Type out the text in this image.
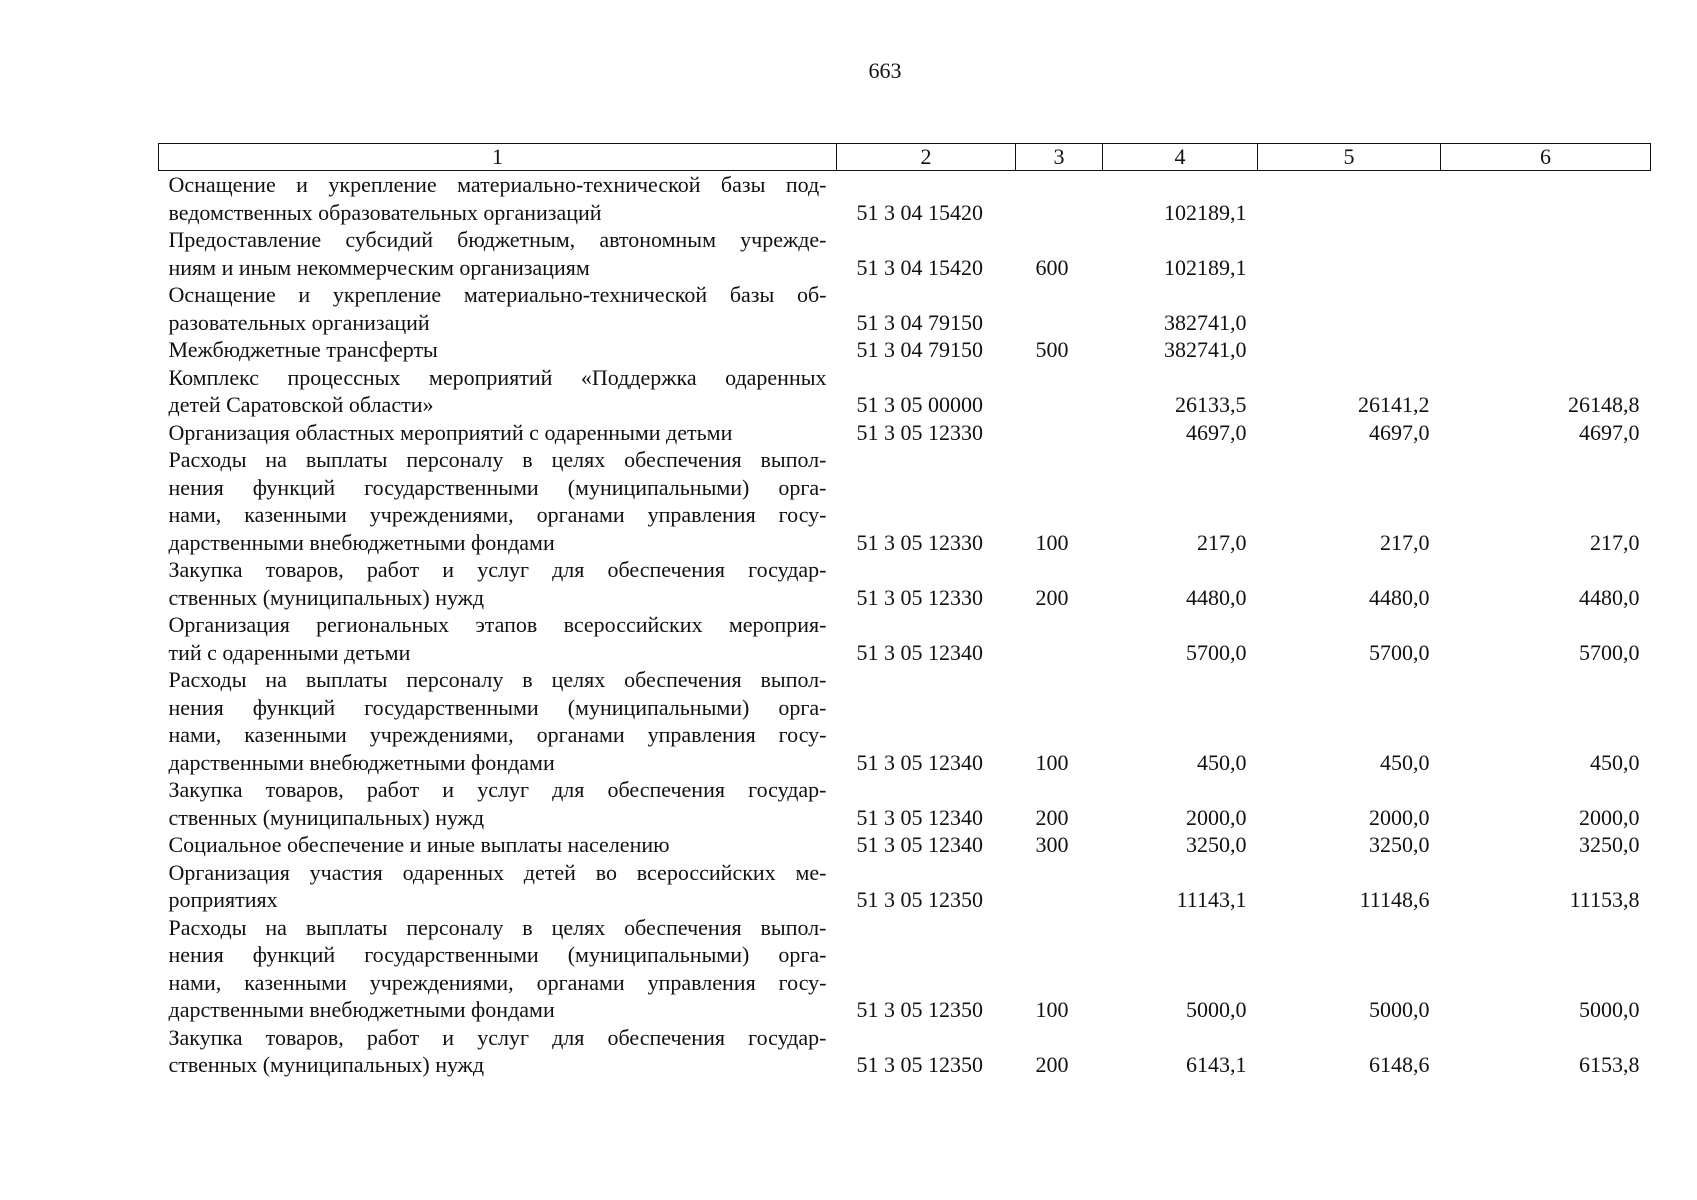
663
1	2	3	4	5	6

Оснащение и укрепление материально-технической базы под-
ведомственных образовательных организаций	51 3 04 15420		102189,1		

Предоставление субсидий бюджетным, автономным учрежде-
ниям и иным некоммерческим организациям	51 3 04 15420	600	102189,1		

Оснащение и укрепление материально-технической базы об-
разовательных организаций	51 3 04 79150		382741,0		

Межбюджетные трансферты	51 3 04 79150	500	382741,0		

Комплекс процессных мероприятий «Поддержка одаренных
детей Саратовской области»	51 3 05 00000		26133,5	26141,2	26148,8

Организация областных мероприятий с одаренными детьми	51 3 05 12330		4697,0	4697,0	4697,0

Расходы на выплаты персоналу в целях обеспечения выпол-
нения функций государственными (муниципальными) орга-
нами, казенными учреждениями, органами управления госу-
дарственными внебюджетными фондами	51 3 05 12330	100	217,0	217,0	217,0

Закупка товаров, работ и услуг для обеспечения государ-
ственных (муниципальных) нужд	51 3 05 12330	200	4480,0	4480,0	4480,0

Организация региональных этапов всероссийских мероприя-
тий с одаренными детьми	51 3 05 12340		5700,0	5700,0	5700,0

Расходы на выплаты персоналу в целях обеспечения выпол-
нения функций государственными (муниципальными) орга-
нами, казенными учреждениями, органами управления госу-
дарственными внебюджетными фондами	51 3 05 12340	100	450,0	450,0	450,0

Закупка товаров, работ и услуг для обеспечения государ-
ственных (муниципальных) нужд	51 3 05 12340	200	2000,0	2000,0	2000,0

Социальное обеспечение и иные выплаты населению	51 3 05 12340	300	3250,0	3250,0	3250,0

Организация участия одаренных детей во всероссийских ме-
роприятиях	51 3 05 12350		11143,1	11148,6	11153,8

Расходы на выплаты персоналу в целях обеспечения выпол-
нения функций государственными (муниципальными) орга-
нами, казенными учреждениями, органами управления госу-
дарственными внебюджетными фондами	51 3 05 12350	100	5000,0	5000,0	5000,0

Закупка товаров, работ и услуг для обеспечения государ-
ственных (муниципальных) нужд	51 3 05 12350	200	6143,1	6148,6	6153,8
